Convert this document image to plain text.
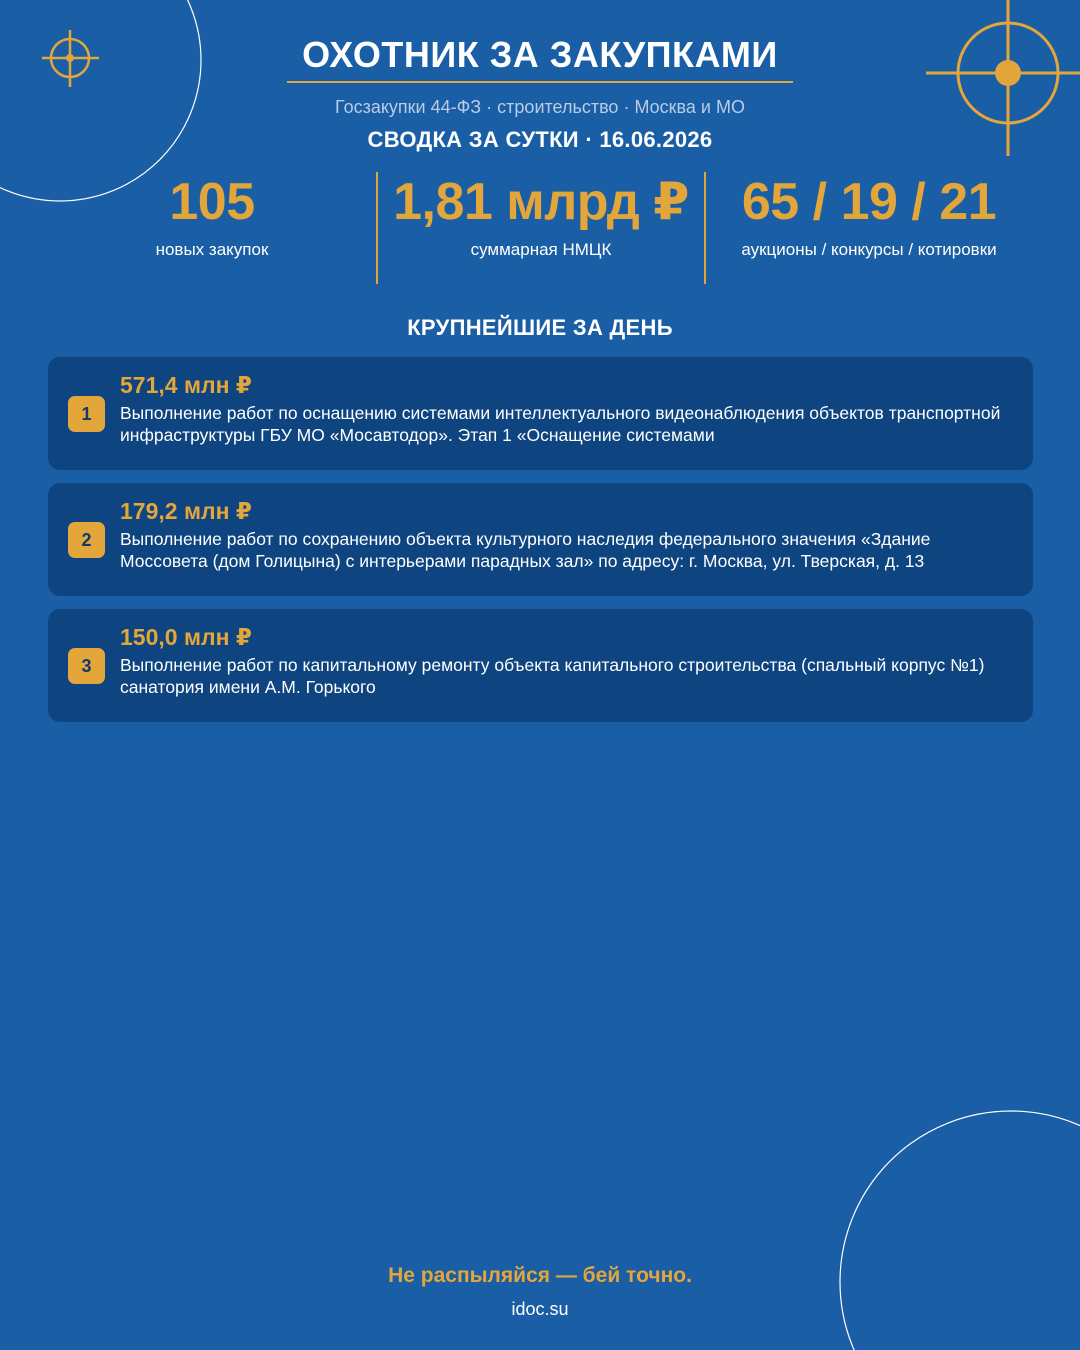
ОХОТНИК ЗА ЗАКУПКАМИ
Госзакупки 44-ФЗ · строительство · Москва и МО
СВОДКА ЗА СУТКИ · 16.06.2026
105
новых закупок
1,81 млрд ₽
суммарная НМЦК
65 / 19 / 21
аукционы / конкурсы / котировки
КРУПНЕЙШИЕ ЗА ДЕНЬ
1
571,4 млн ₽
Выполнение работ по оснащению системами интеллектуального видеонаблюдения объектов транспортной инфраструктуры ГБУ МО «Мосавтодор». Этап 1 «Оснащение системами
2
179,2 млн ₽
Выполнение работ по сохранению объекта культурного наследия федерального значения «Здание Моссовета (дом Голицына) с интерьерами парадных зал» по адресу: г. Москва, ул. Тверская, д. 13
3
150,0 млн ₽
Выполнение работ по капитальному ремонту объекта капитального строительства (спальный корпус №1) санатория имени А.М. Горького
Не распыляйся — бей точно.
idoc.su
